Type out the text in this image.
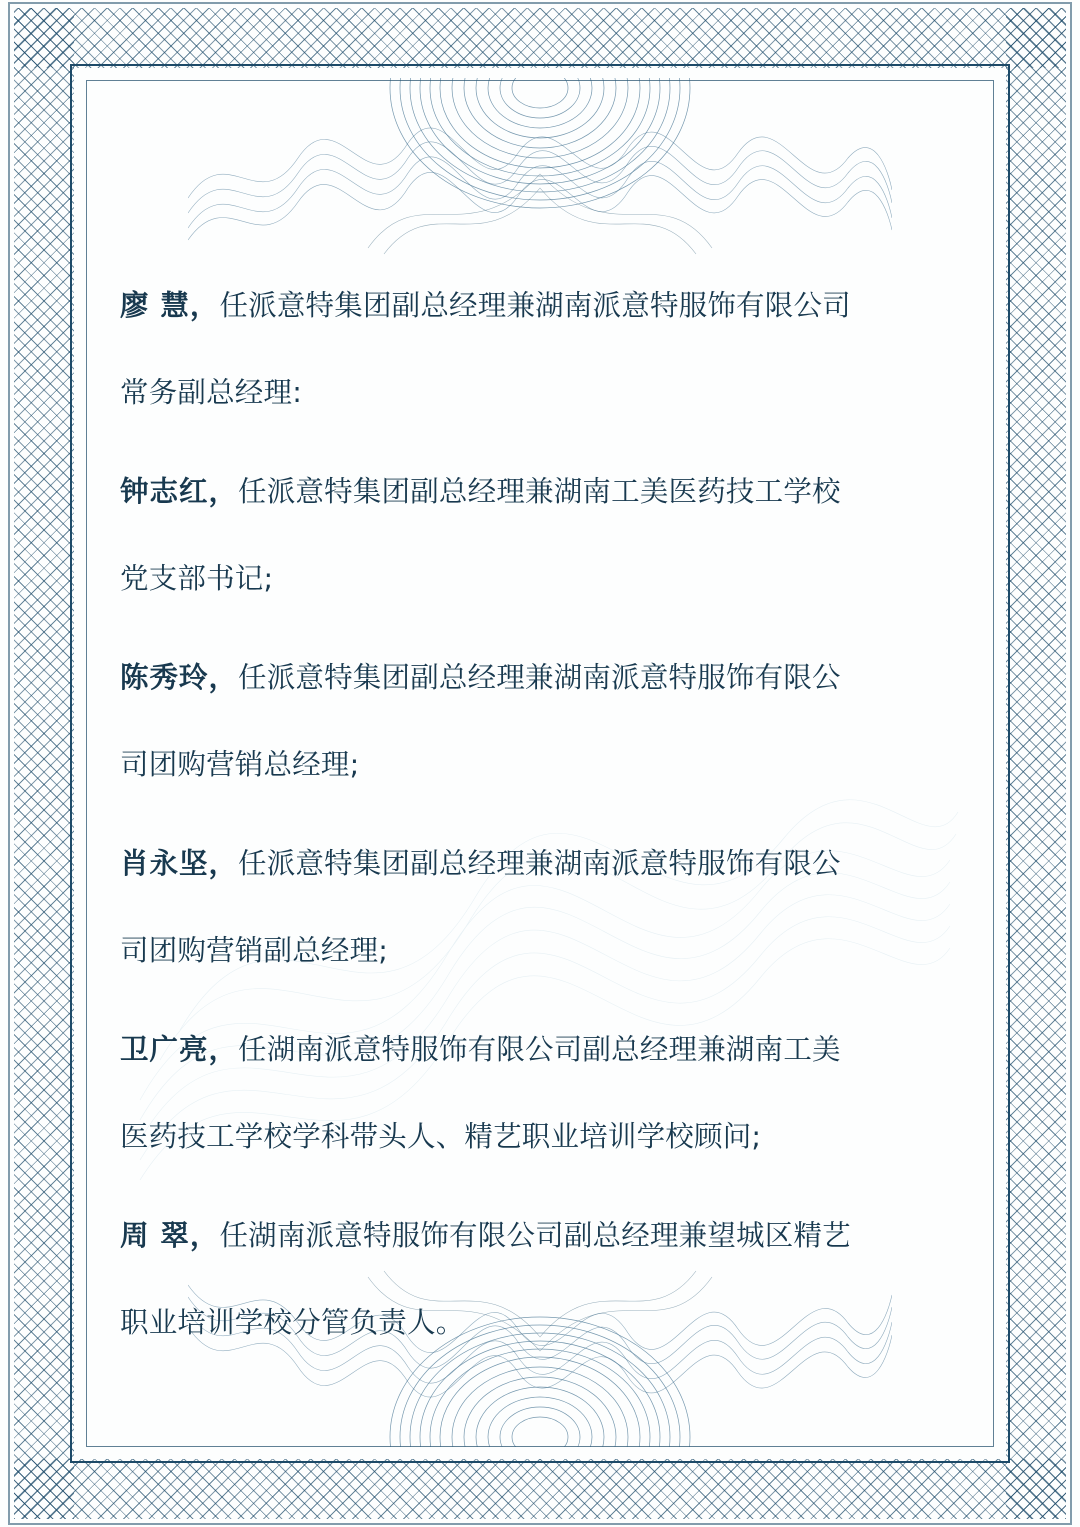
廖 慧，任派意特集团副总经理兼湖南派意特服饰有限公司

常务副总经理:

钟志红，任派意特集团副总经理兼湖南工美医药技工学校

党支部书记;

陈秀玲，任派意特集团副总经理兼湖南派意特服饰有限公

司团购营销总经理;

肖永坚，任派意特集团副总经理兼湖南派意特服饰有限公

司团购营销副总经理;

卫广亮，任湖南派意特服饰有限公司副总经理兼湖南工美

医药技工学校学科带头人、精艺职业培训学校顾问;

周 翠，任湖南派意特服饰有限公司副总经理兼望城区精艺

职业培训学校分管负责人。
